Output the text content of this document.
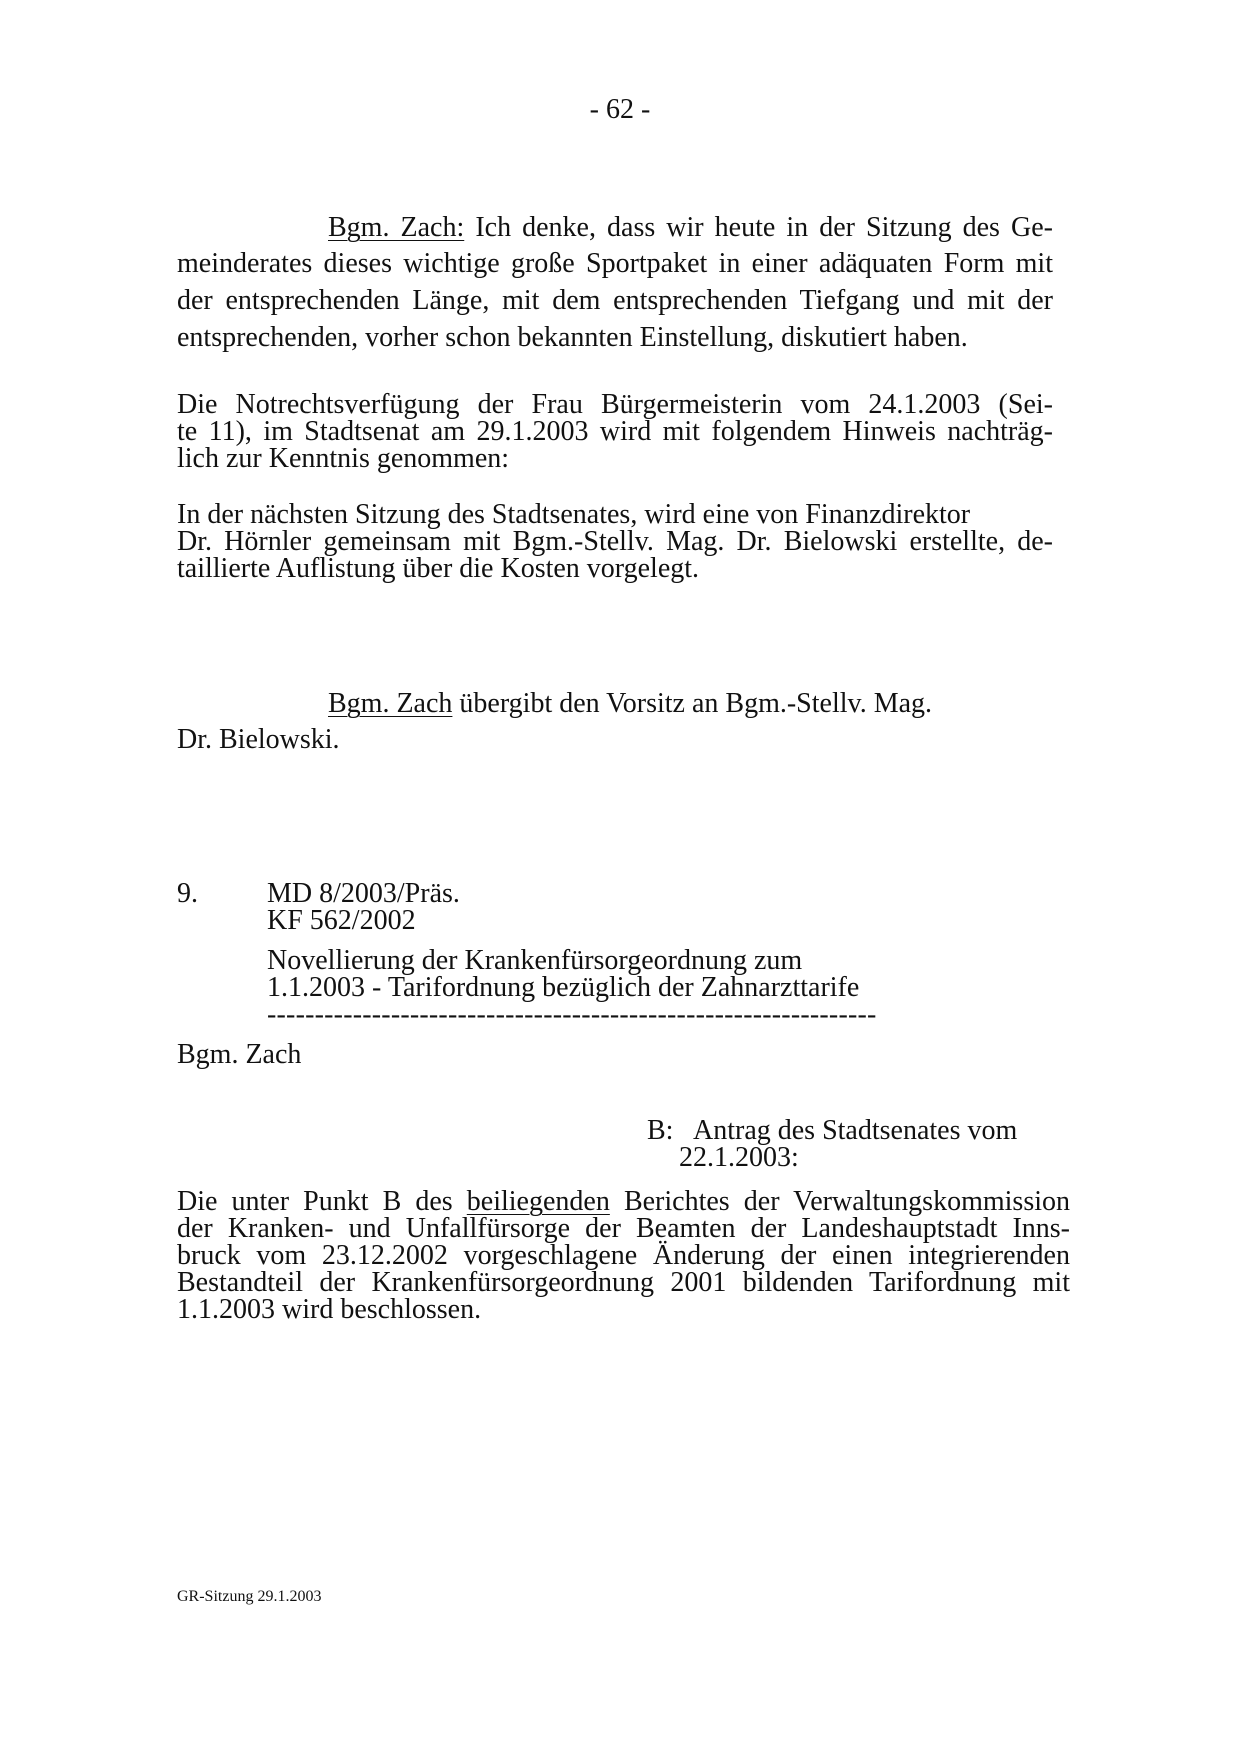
- 62 -
Bgm. Zach: Ich denke, dass wir heute in der Sitzung des Ge-
meinderates dieses wichtige große Sportpaket in einer adäquaten Form mit
der entsprechenden Länge, mit dem entsprechenden Tiefgang und mit der
entsprechenden, vorher schon bekannten Einstellung, diskutiert haben.
Die Notrechtsverfügung der Frau Bürgermeisterin vom 24.1.2003 (Sei-
te 11), im Stadtsenat am 29.1.2003 wird mit folgendem Hinweis nachträg-
lich zur Kenntnis genommen:
In der nächsten Sitzung des Stadtsenates, wird eine von Finanzdirektor
Dr. Hörnler gemeinsam mit Bgm.-Stellv. Mag. Dr. Bielowski erstellte, de-
taillierte Auflistung über die Kosten vorgelegt.
Bgm. Zach übergibt den Vorsitz an Bgm.-Stellv. Mag.
Dr. Bielowski.
9. MD 8/2003/Präs.
KF 562/2002
Novellierung der Krankenfürsorgeordnung zum
1.1.2003 - Tarifordnung bezüglich der Zahnarzttarife
----------------------------------------------------------------
Bgm. Zach
B: Antrag des Stadtsenates vom
22.1.2003:
Die unter Punkt B des beiliegenden Berichtes der Verwaltungskommission
der Kranken- und Unfallfürsorge der Beamten der Landeshauptstadt Inns-
bruck vom 23.12.2002 vorgeschlagene Änderung der einen integrierenden
Bestandteil der Krankenfürsorgeordnung 2001 bildenden Tarifordnung mit
1.1.2003 wird beschlossen.
GR-Sitzung 29.1.2003
